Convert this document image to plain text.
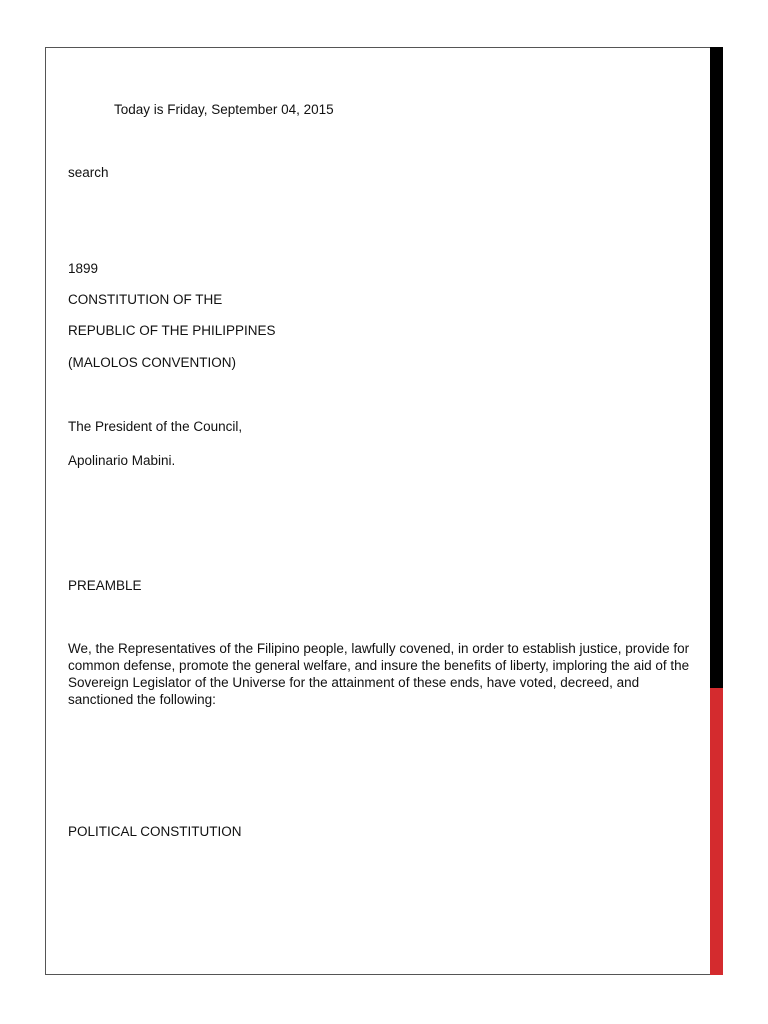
Today is Friday, September 04, 2015
search
1899
CONSTITUTION OF THE
REPUBLIC OF THE PHILIPPINES
(MALOLOS CONVENTION)
The President of the Council,
Apolinario Mabini.
PREAMBLE
We, the Representatives of the Filipino people, lawfully covened, in order to establish justice, provide for common defense, promote the general welfare, and insure the benefits of liberty, imploring the aid of the Sovereign Legislator of the Universe for the attainment of these ends, have voted, decreed, and sanctioned the following:
POLITICAL CONSTITUTION
